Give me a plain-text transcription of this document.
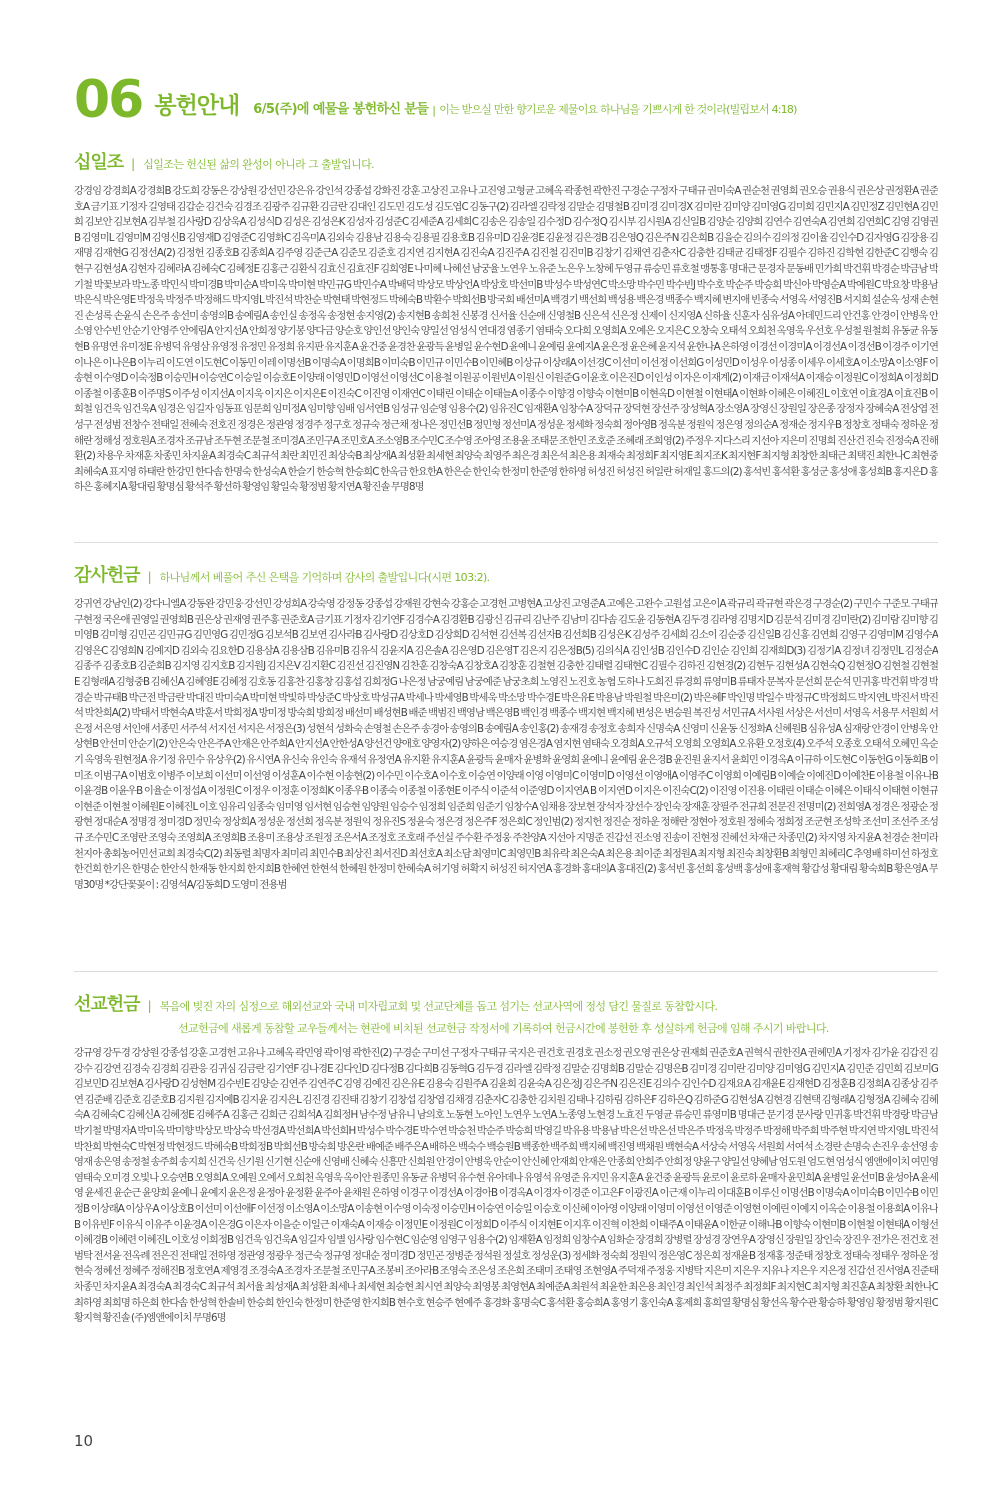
06 봉헌안내 6/5(주)에 예물을 봉헌하신 분들 | 이는 받으실 만한 향기로운 제물이요 하나님을 기쁘시게 한 것이라(빌립보서 4:18)
십일조 | 십일조는 헌신된 삶의 완성이 아니라 그 출발입니다.
강경임 강경희A 강경희B 강도희 강동은 강상원 강선민 강은유 강인석 강종섭 강화진 강훈 고상진 고유나 고진영 고형균 고혜옥 곽종헌 곽한진 구경순 구정자 구태규 권미숙A 권순천 권영희 권오승 권용식 권은상 권정환A 권준호A 금기표 기정자 길영태 김갑순 김건숙 김경조 김광주 김규환 김금란 김대인 김도민 김도성 김도엽C 김동구(2) 김라엘 김락정 김말순 김명철B 김미경 김미경X 김미란 김미양 김미영G 김미희 김민지A 김민정Z 김민현A 김민희 김보안 김보현A 김부철 김사랑D 김상욱A 김성식D 김성은 김성은K 김성자 김성준C 김세준A 김세희C 김송은 김송일 김수정D 김수정Q 김시부 김시원A 김신일B 김양순 김양희 김연수 김연숙A 김연희 김연희C 김영 김영권B 김영미L 김영미M 김영신B 김영재D 김영준C 김영화C 김옥미A 김외숙 김용남 김용숙 김용필 김용호B 김유미D 김윤경E 김윤정 김은경B 김은영Q 김은주N 김은희B 김을순 김의수 김의정 김이율 김인수D 김자영G 김장용 김재명 김재현G 김정선A(2) 김정헌 김종호B 김종희A 김주영 김준근A 김준모 김준호 김지연 김지현A 김진숙A 김진주A 김진철 김진미B 김창기 김채연 김춘자C 김충한 김태균 김태정F 김필수 김하진 김학현 김한준C 김행숙 김현구 김현성A 김현자 김혜라A 김혜숙C 김혜정E 김홍근 김환식 김효신 김효진F 김희영E 나미혜 나혜선 남궁율 노연우 노유준 노은우 노창혜 두영규 류승민 류호철 맹통홍 명대근 문경자 문동배 민가희 박건휘 박경순 박금남 박기철 박꽃보라 박노종 박민식 박미경B 박미순A 박미옥 박미현 박민규G 박민수A 박배덕 박상모 박상언A 박상호 박선미B 박성수 박성연C 박소망 박수민 박수빈J 박수호 박순주 박승희 박신아 박영순A 박예원C 박요창 박용남 박은식 박은영E 박정욱 박정주 박정해드 박지영L 박진석 박찬순 박현태 박현정드 박혜숙B 박환수 박희선B 방국희 배선미A 백경기 백선희 백성용 백은경 백종수 백지혜 변지애 빈종숙 서영옥 서영진B 서지희 설순옥 성재 손현진 손성록 손윤식 손은주 송선미 송영의B 송예림A 송인실 송정옥 송정현 송지영(2) 송지현B 송희천 신봉경 신서율 신순애 신영철B 신은석 신은정 신제이 신지영A 신하율 신훈자 심유성A 아데민드리 안건홍 안경이 안병욱 안소영 안수빈 안순기 안영주 안에림A 안지선A 안희정 양기봉 양다금 양순호 양인선 양인숙 양일선 엄성식 연대경 염종기 염태숙 오다희 오영희A 오예은 오지은C 오창숙 오태석 오희천 옥영욱 우선호 우성철 원철희 유동균 유동현B 유명연 유미정E 유병덕 유영삼 유영정 유정민 유정희 유지판 유지훈A 윤건중 윤경찬 윤광득 윤병일 윤수현D 윤예니 윤예림 윤예지A 윤은정 윤은혜 윤지석 윤한나A 은하영 이경선 이경미A 이경선A 이경선B 이경주 이기연 이나은 이나은B 이누리 이도연 이도현C 이동민 이레 이명선B 이명숙A 이명희B 이미숙B 이민규 이민수B 이민혜B 이상규 이상래A 이선경C 이선미 이선정 이선희G 이성민D 이성우 이성종 이세우 이세호A 이소망A 이소영F 이송현 이수영D 이숙정B 이승민H 이승연C 이승일 이승호E 이양래 이영민D 이영선 이영선C 이용철 이원공 이원빈A 이원신 이원준G 이윤호 이은진D 이인성 이자은 이재계(2) 이재금 이재석A 이재승 이정원C 이정희A 이정희D 이종철 이종훈B 이주명S 이주성 이지선A 이지욱 이지은 이지은E 이진숙C 이진영 이재연C 이태린 이태순 이태늘A 이종수 이향경 이향숙 이현미B 이현옥D 이현철 이현태A 이현화 이혜은 이혜진L 이호연 이효경A 이효진B 이희철 임건욱 임건욱A 임경은 임길자 임동표 임문희 임미정A 임미향 임배 임서연B 임성규 임순영 임용수(2) 임유진C 임재환A 임창수A 장덕규 장덕현 장선주 장성혁A 장소영A 장영신 장원일 장은종 장정자 장혜숙A 전상엽 전성구 전성범 전창수 전태일 전혜숙 전호진 정경은 정관영 정경주 정구호 정규숙 정근채 정나은 정민선B 정민형 정선미A 정성운 정세화 정숙희 정아영B 정옥분 정원익 정은영 정의순A 정재순 정지우B 정창호 정태숙 정하운 정해란 정해성 정호원A 조경자 조규남 조두현 조문철 조미경A 조민구A 조민호A 조소영B 조수민C 조수영 조아영 조용윤 조태문 조한민 조호준 조혜래 조희영(2) 주정우 지다스리 지선아 지은미 진명희 진산건 진숙 진정숙A 진해환(2) 차용우 차재훈 차종민 차지윤A 최경숙C 최규석 최란 최민진 최상숙B 최상재A 최성환 최세현 최양숙 최영주 최은경 최은석 최은용 최재숙 최정희F 최지영E 최지조K 최지현F 최지형 최창한 최태근 최택진 최한나C 최현중 최혜숙A 표지영 하태란 한강민 한다솜 한명숙 한성숙A 한슬기 한승혁 한승희C 한옥금 한요한A 한은순 한인숙 한정미 한준영 한하영 허성진 허성진 허일란 허재일 홍드의(2) 홍석빈 홍석환 홍성군 홍성애 홍성희B 홍지은D 홍하은 홍혜지A 황대림 황명심 황석주 황선하 황영임 황일숙 황정범 황지연A 황진솔 무명8명
감사헌금 | 하나님께서 베풀어 주신 은택을 기억하며 감사의 출발입니다(시편 103:2).
강귀연 강남인(2) 강다니엘A 강동완 강민웅 강선민 강성희A 강숙영 강정동 강종섭 강재원 강현숙 강홍순 고경헌 고병현A 고상진 고영준A 고예은 고완수 고원섭 고은이A 곽규리 곽규현 곽은경 구경순(2) 구민수 구준모 구태규 구현정 국은애 권영일 권영희B 권은상 권재영 권주홍 권준호A 금기표 기정자 김기연F 김경수A 김경환B 김광신 김규리 김난주 김남미 김다솜 김도윤 김동현A 김두경 김라영 김명지D 김문석 김미경 김미란(2) 김미람 김미향 김미영B 김미형 김민곤 김민규G 김민영G 김민정G 김보석B 김보연 김사라B 김사랑D 김상호D 김상희D 김석현 김선복 김선자B 김선희B 김성은K 김성주 김세희 김소이 김순중 김신일B 김신홍 김연희 김영구 김영미M 김영수A 김영은C 김영희N 김예지D 김외숙 김요한D 김용삼A 김용삼B 김유미B 김유식 김윤지A 김은솔A 김은영D 김은영T 김은지 김은정B(5) 김의식A 김인성B 김인수D 김인순 김인희 김재희D(3) 김정기A 김정녀 김정민L 김정순A 김종주 김종호B 김준희B 김지영 김지호B 김지원J 김지은V 김지환C 김진선 김진영N 김찬훈 김창숙A 김창호A 김창훈 김철현 김충한 김태렬 김태현C 김필수 김하진 김현경(2) 김현두 김현성A 김현숙Q 김현정O 김현철 김현철E 김형래A 김형중B 김혜신A 김혜영E 김혜정 김호동 김홍찬 김홍창 김홍섭 김희정G 나은정 남궁예림 남궁예준 남궁초희 노영진 노진호 농협 도하나 도희진 류경희 류영미B 류태자 문복자 문선희 문순석 민귀홍 박건휘 박경 박경순 박규태B 박근전 박금란 박대진 박미숙A 박미현 박빛하 박상준C 박상호 박성규A 박세나 박세영B 박세욱 박소망 박수경E 박은유E 박용남 박원철 박은미(2) 박은혜F 박인명 박일수 박정규C 박정희드 박지연L 박진서 박진석 박찬희A(2) 박태서 박현숙A 박훈서 박희정A 방미정 방숙희 방희정 배선미 배성현B 배준 백범진 백영남 백은영B 백인경 백종수 백지현 백지혜 변성은 변승원 복진성 서민규A 서사원 서상은 서선미 서영옥 서용무 서원희 서은정 서은영 서인애 서종민 서주석 서지선 서지은 서정은(3) 성현석 성화숙 손영철 손은주 송경아 송영의B 송예림A 송인홍(2) 송재경 송정호 송희자 신명숙A 신영미 신윤동 신정화A 신혜원B 심유성A 심재랑 안경이 안병욱 안상현B 안선미 안순기(2) 안은숙 안은주A 안재은 안주희A 안지선A 안한성A 양선건 양애호 양영자(2) 양하은 여승경 염은경A 염지현 염태숙 오경희A 오규석 오영희 오영희A 오유환 오정호(4) 오주석 오종호 오태석 오혜민 옥순기 옥영욱 원현정A 유기정 유민수 유상우(2) 유시연A 유신숙 유인숙 유재석 유정연A 유지환 유지훈A 윤광득 윤매자 윤병화 윤영희 윤예니 윤예림 윤은경B 윤진원 윤지서 윤희민 이경옥A 이규하 이도현C 이동헌G 이동희B 이미조 이범구A 이범호 이병주 이보희 이선미 이선영 이성훈A 이수현 이송현(2) 이수민 이수호A 이수호 이승연 이양래 이영 이영미C 이영미D 이영선 이영애A 이영주C 이영희 이예림B 이예슬 이예진D 이예찬E 이용철 이유나B 이윤경B 이윤우B 이율순 이정섭A 이정원C 이정우 이정훈 이정희K 이종우B 이종숙 이종철 이종현E 이주식 이준석 이준영D 이지연A B 이지연D 이지은 이진숙C(2) 이진영 이진용 이태린 이태순 이혜은 이태식 이태현 이현규 이현준 이현철 이혜원E 이혜진L 이호 임유리 임종숙 임미영 임서현 임승현 임양원 임승수 임정희 임준희 임준기 임창수A 임채용 장보현 장석자 장선수 장인숙 장재훈 장필주 전규희 전문진 전명미(2) 전희영A 정경은 정광순 정광현 정대순A 정명경 정미경D 정민숙 정상희A 정성운 정선희 정옥분 정원익 정유진S 정윤숙 정은경 정은주F 정은희C 정인범(2) 정지헌 정진순 정하운 정해란 정현아 정호원 정혜숙 정희정 조군현 조성학 조선미 조선주 조성규 조수민C 조영란 조영숙 조영희A 조영희B 조용미 조용상 조원정 조은서A 조정호 조호래 주선실 주수환 주정웅 주찬양A 지선아 지명준 진갑선 진소영 진송이 진현정 진혜선 차재근 차종민(2) 차지영 차지윤A 천경순 천미라 천지아 총회농어민선교회 최경숙C(2) 최동렬 최명자 최미리 최민수B 최상진 최서진D 최선호A 최소담 최영미C 최영민B 최유락 최은숙A 최은용 최이준 최정원A 최지형 최진숙 최창환B 최형민 최혜리C 추영배 하미선 하정호 한건희 한기은 한명순 한안식 한재동 한지희 한지희B 한혜연 한현석 한혜원 한정미 한혜숙A 허기영 허확지 허성진 허지연A 홍경화 홍대의A 홍대진(2) 홍석빈 홍선희 홍성백 홍성애 홍재혁 황갑성 황대림 황숙희B 황은영A 무명30명 *강단꽃꽂이 : 김영석A/김동희D 도영미 전용범
선교헌금 | 복음에 빚진 자의 심정으로 해외선교와 국내 미자립교회 및 선교단체를 돕고 섬기는 선교사역에 정성 담긴 물질로 동참합시다.
선교헌금에 새롭게 동참할 교우들께서는 현관에 비치된 선교헌금 작정서에 기록하여 헌금시간에 봉헌한 후 성실하게 헌금에 임해 주시기 바랍니다.
강규영 강두경 강상원 강종섭 강훈 고경헌 고유나 고혜옥 곽민영 곽이영 곽한진(2) 구경순 구미선 구정자 구태규 국지은 권건호 권경호 권소정 권오영 권은상 권재희 권준호A 권혁식 권한진A 권혜민A 기정자 김가윤 김갑진 김강수 김강연 김경숙 김경희 김관응 김귀심 김금란 김기연F 김나경E 김다인D 김다정B 김다희B 김동혁G 김두경 김라엘 김락정 김말순 김명희B 김말순 김명은B 김미경 김미란 김미양 김미영G 김민지A 김민준 김민희 김보미G 김보민D 김보현A 김사랑D 김성현M 김수빈E 김양순 김연주 김연주C 김영 김예진 김은유E 김용숙 김원주A 김윤희 김윤숙A 김은정J 김은주N 김은진E 김의수 김인수D 김재요A 김재윤E 김재현D 김정훈B 김정희A 김종상 김주연 김준배 김준호 김준호B 김지원 김지예B 김지윤 김지은L 김진경 김진태 김창기 김창섭 김창엽 김채경 김춘자C 김충한 김치원 김태나 김하림 김하은F 김하은Q 김하준G 김현성A 김현경 김현택 김형래A 김형정A 김혜숙 김혜숙A 김혜숙C 김혜신A 김혜정E 김혜주A 김홍근 김희근 김희석A 김희정H 남수정 남유니 남의호 노동현 노아인 노연우 노연A 노종영 노현경 노효진 두영균 류승민 류영미B 명대근 문기경 문사랑 민귀홍 박건휘 박경랑 박금남 박기철 박명자A 박미옥 박미향 박상모 박상숙 박선경A 박선희A 박선희H 박성수 박수경E 박수연 박승천 박순주 박승희 박영길 박유용 박용남 박은선 박은선 박은주 박정욱 박정주 박정해 박주희 박주현 박지연 박지영L 박진석 박찬희 박현숙C 박현정 박현정드 박혜숙B 박희정B 박희선B 방숙희 방온란 배예준 배주은A 배하은 백숙수 백승원B 백종한 백주희 백지혜 백진영 백채원 백현숙A 서상숙 서영옥 서원희 서여석 소경란 손명숙 손진우 송선영 송영재 송은영 송정철 송주희 송지희 신건욱 신기원 신기현 신순애 신영배 신혜숙 신흥만 신희원 안경이 안병욱 안순이 안신혜 안재희 안재은 안종희 안희주 안희정 양윤구 양일선 양혜남 엄도원 엄도현 엄성식 엠앤에이치 여민영 염태숙 오미경 오빛나 오승연B 오영희A 오예원 오예서 오희천 옥영욱 옥이안 원종민 유동균 유병덕 유수현 유아데나 유영석 유영준 유지민 유지훈A 윤건중 윤광득 윤로이 윤로하 윤매자 윤민희A 윤병일 윤선미B 윤성아A 윤세영 윤세진 윤순근 윤양희 윤예니 윤예지 윤은정 윤정아 윤정환 윤주아 윤채원 은하영 이경구 이경선A 이경아B 이경옥A 이경자 이경준 이고은F 이광진A 이근재 이누리 이대훈B 이루신 이명선B 이명숙A 이미숙B 이민수B 이민정B 이상래A 이상우A 이상호B 이선미 이선애F 이선정 이소영A 이소망A 이송현 이수영 이숙정 이승민H 이승연 이승일 이승호 이신혜 이아영 이양래 이영미 이영선 이영준 이영현 이예린 이예지 이옥순 이용철 이용희A 이유나B 이유빈F 이유식 이유주 이윤경A 이은경G 이은자 이을순 이일근 이재숙A 이재승 이정민E 이정원C 이정희D 이주식 이지현E 이지후 이진혁 이찬희 이태주A 이태윤A 이한균 이해나B 이향숙 이현미B 이현철 이현태A 이형선 이혜경B 이혜련 이혜진L 이호성 이희정B 임건욱 임건욱A 임길자 임별 임사랑 임수현C 임순영 임영구 임용수(2) 임재환A 임정희 임창수A 임화순 장경희 장병렬 장성경 장연우A 장영신 장원일 장인숙 장진우 전가은 전건호 전범탁 전서윤 전옥례 전은진 전태일 전하영 정관영 정광우 정근숙 정규영 정대순 정미경D 정민곤 정병준 정석원 정설호 정성운(3) 정세화 정숙희 정원익 정은영C 정은희 정재윤B 정재홍 정준태 정창호 정태숙 정태우 정하운 정현숙 정혜선 정혜주 정해진B 정호연A 제영경 조경숙A 조경자 조문철 조민구A 조봉비 조아라B 조영숙 조은성 조은희 조태미 조태영 조현영A 주덕재 주정웅 지병탁 지은미 지은우 지유나 지은우 지은정 진갑선 진서영A 진준태 차종민 차지윤A 최경숙A 최경숙C 최규석 최서율 최성재A 최성환 최세나 최세현 최승현 최시연 최양숙 최영봉 최영현A 최예준A 최원석 최윤한 최은용 최인경 최인석 최정주 최정희F 최지현C 최지형 최진훈A 최창환 최한나C 최하영 최희명 하은희 한다솜 한성혁 한솔비 한승희 한인숙 한정미 한준영 한지희B 현수호 현승주 현예주 홍경화 홍명숙C 홍석환 홍승희A 홍영기 홍인숙A 홍제희 홍희열 황명심 황선옥 황수관 황승하 황영임 황정범 황지원C 황지혁 황진솔 (주)엠앤에이치 무명6명
10
